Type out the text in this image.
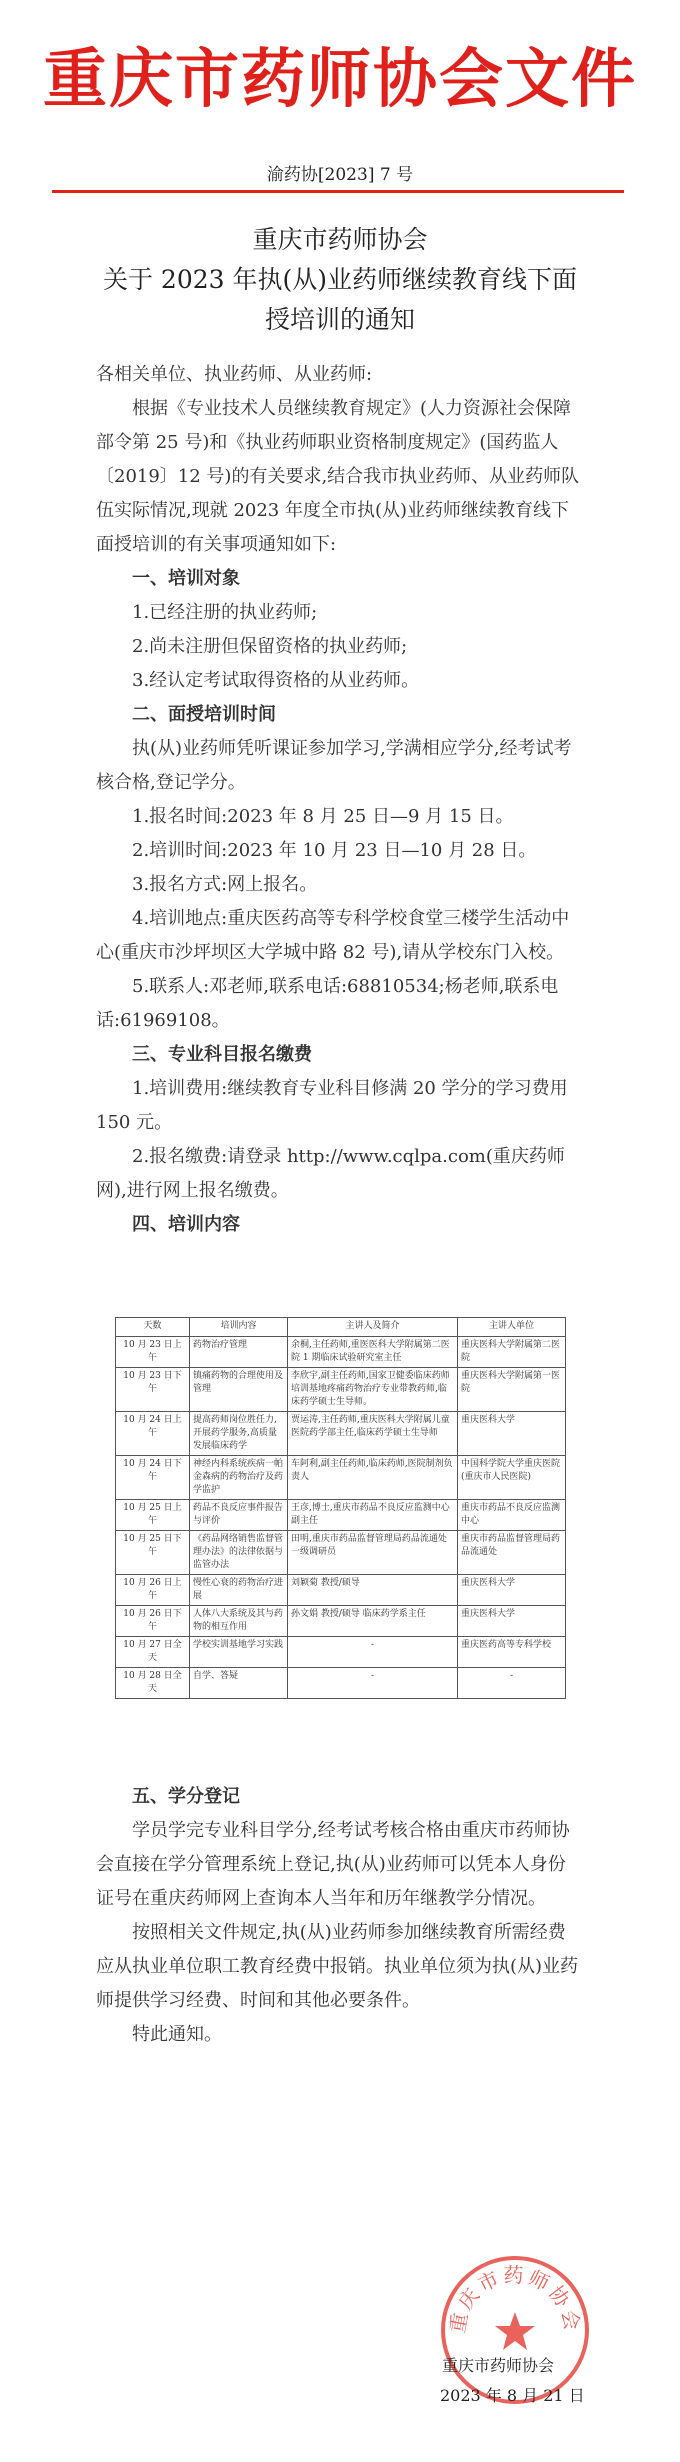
重庆市药师协会文件
渝药协[2023] 7 号
重庆市药师协会
关于 2023 年执(从)业药师继续教育线下面
授培训的通知

各相关单位、执业药师、从业药师:

根据《专业技术人员继续教育规定》(人力资源社会保障部令第 25 号)和《执业药师职业资格制度规定》(国药监人〔2019〕12 号)的有关要求,结合我市执业药师、从业药师队伍实际情况,现就 2023 年度全市执(从)业药师继续教育线下面授培训的有关事项通知如下:

一、培训对象

1.已经注册的执业药师;

2.尚未注册但保留资格的执业药师;

3.经认定考试取得资格的从业药师。

二、面授培训时间

执(从)业药师凭听课证参加学习,学满相应学分,经考试考核合格,登记学分。

1.报名时间:2023 年 8 月 25 日—9 月 15 日。

2.培训时间:2023 年 10 月 23 日—10 月 28 日。

3.报名方式:网上报名。

4.培训地点:重庆医药高等专科学校食堂三楼学生活动中心(重庆市沙坪坝区大学城中路 82 号),请从学校东门入校。

5.联系人:邓老师,联系电话:68810534;杨老师,联系电话:61969108。

三、专业科目报名缴费

1.培训费用:继续教育专业科目修满 20 学分的学习费用 150 元。

2.报名缴费:请登录 http://www.cqlpa.com(重庆药师网),进行网上报名缴费。

四、培训内容

天数	培训内容	主讲人及简介	主讲人单位
10 月 23 日上午	药物治疗管理	余桐,主任药师,重医医科大学附属第二医院 1 期临床试验研究室主任	重庆医科大学附属第二医院
10 月 23 日下午	镇痛药物的合理使用及管理	李欣宇,副主任药师,国家卫健委临床药师培训基地疼痛药物治疗专业带教药师,临床药学硕士生导师。	重庆医科大学附属第一医院
10 月 24 日上午	提高药师岗位胜任力,开展药学服务,高质量发展临床药学	贾运涛,主任药师,重庆医科大学附属儿童医院药学部主任,临床药学硕士生导师	重庆医科大学
10 月 24 日下午	神经内科系统疾病一帕金森病的药物治疗及药学监护	车阿利,副主任药师,临床药师,医院制剂负责人	中国科学院大学重庆医院(重庆市人民医院)
10 月 25 日上午	药品不良反应事件报告与评价	王彦,博士,重庆市药品不良反应监测中心副主任	重庆市药品不良反应监测中心
10 月 25 日下午	《药品网络销售监督管理办法》的法律依据与监管办法	田明,重庆市药品监督管理局药品流通处一级调研员	重庆市药品监督管理局药品流通处
10 月 26 日上午	慢性心衰的药物治疗进展	刘颖菊 教授/硕导	重庆医科大学
10 月 26 日下午	人体八大系统及其与药物的相互作用	孙文娟 教授/硕导 临床药学系主任	重庆医科大学
10 月 27 日全天	学校实训基地学习实践	-	重庆医药高等专科学校
10 月 28 日全天	自学、答疑	-	-

五、学分登记

学员学完专业科目学分,经考试考核合格由重庆市药师协会直接在学分管理系统上登记,执(从)业药师可以凭本人身份证号在重庆药师网上查询本人当年和历年继教学分情况。

按照相关文件规定,执(从)业药师参加继续教育所需经费应从执业单位职工教育经费中报销。执业单位须为执(从)业药师提供学习经费、时间和其他必要条件。

特此通知。

重庆市药师协会
重庆市药师协会
2023 年 8 月 21 日
